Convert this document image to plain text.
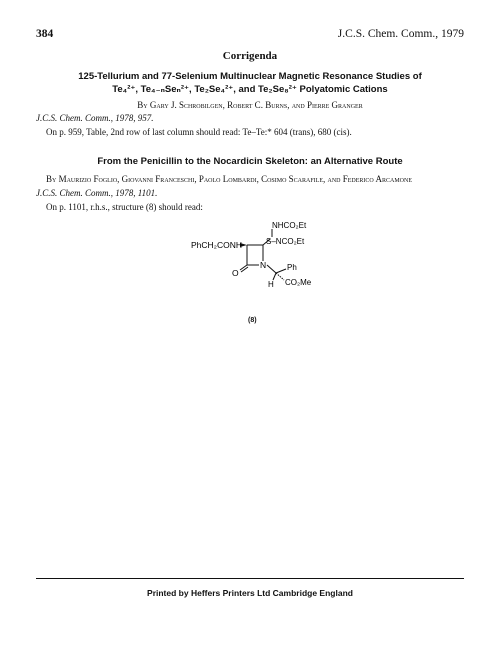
384	J.C.S. Chem. Comm., 1979
Corrigenda
125-Tellurium and 77-Selenium Multinuclear Magnetic Resonance Studies of
Te₄²⁺, Te₄₋ₙSeₙ²⁺, Te₂Se₄²⁺, and Te₂Se₈²⁺ Polyatomic Cations
By Gary J. Schrobilgen, Robert C. Burns, and Pierre Granger
J.C.S. Chem. Comm., 1978, 957.
On p. 959, Table, 2nd row of last column should read: Te–Te:* 604 (trans), 680 (cis).
From the Penicillin to the Nocardicin Skeleton: an Alternative Route
By Maurizio Foglio, Giovanni Franceschi, Paolo Lombardi, Cosimo Scarafile, and Federico Arcamone
J.C.S. Chem. Comm., 1978, 1101.
On p. 1101, r.h.s., structure (8) should read:
PhCH₂CONH
NHCO₂Et
S–NCO₂Et
O
N	Ph
CO₂Me
H
(8)
Printed by Heffers Printers Ltd Cambridge England
